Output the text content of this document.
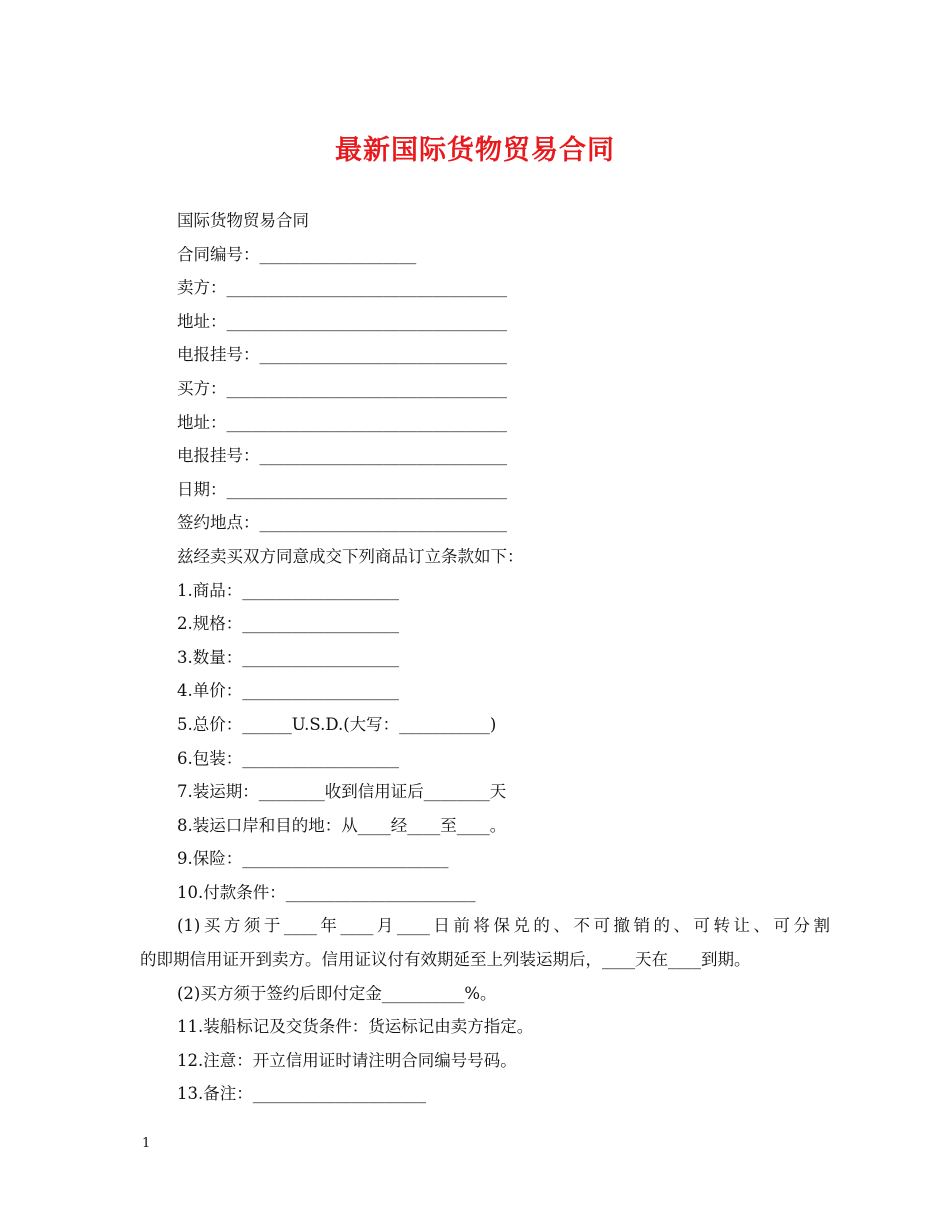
最新国际货物贸易合同
国际货物贸易合同
合同编号：___________________
卖方：__________________________________
地址：__________________________________
电报挂号：______________________________
买方：__________________________________
地址：__________________________________
电报挂号：______________________________
日期：__________________________________
签约地点：______________________________
兹经卖买双方同意成交下列商品订立条款如下：
1.商品：___________________
2.规格：___________________
3.数量：___________________
4.单价：___________________
5.总价：______U.S.D.(大写：___________)
6.包装：___________________
7.装运期：________收到信用证后________天
8.装运口岸和目的地：从____经____至____。
9.保险：_________________________
10.付款条件：_______________________
(1)买方须于____年____月____日前将保兑的、不可撤销的、可转让、可分割
的即期信用证开到卖方。信用证议付有效期延至上列装运期后，____天在____到期。
(2)买方须于签约后即付定金__________%。
11.装船标记及交货条件：货运标记由卖方指定。
12.注意：开立信用证时请注明合同编号号码。
13.备注：_____________________
1
